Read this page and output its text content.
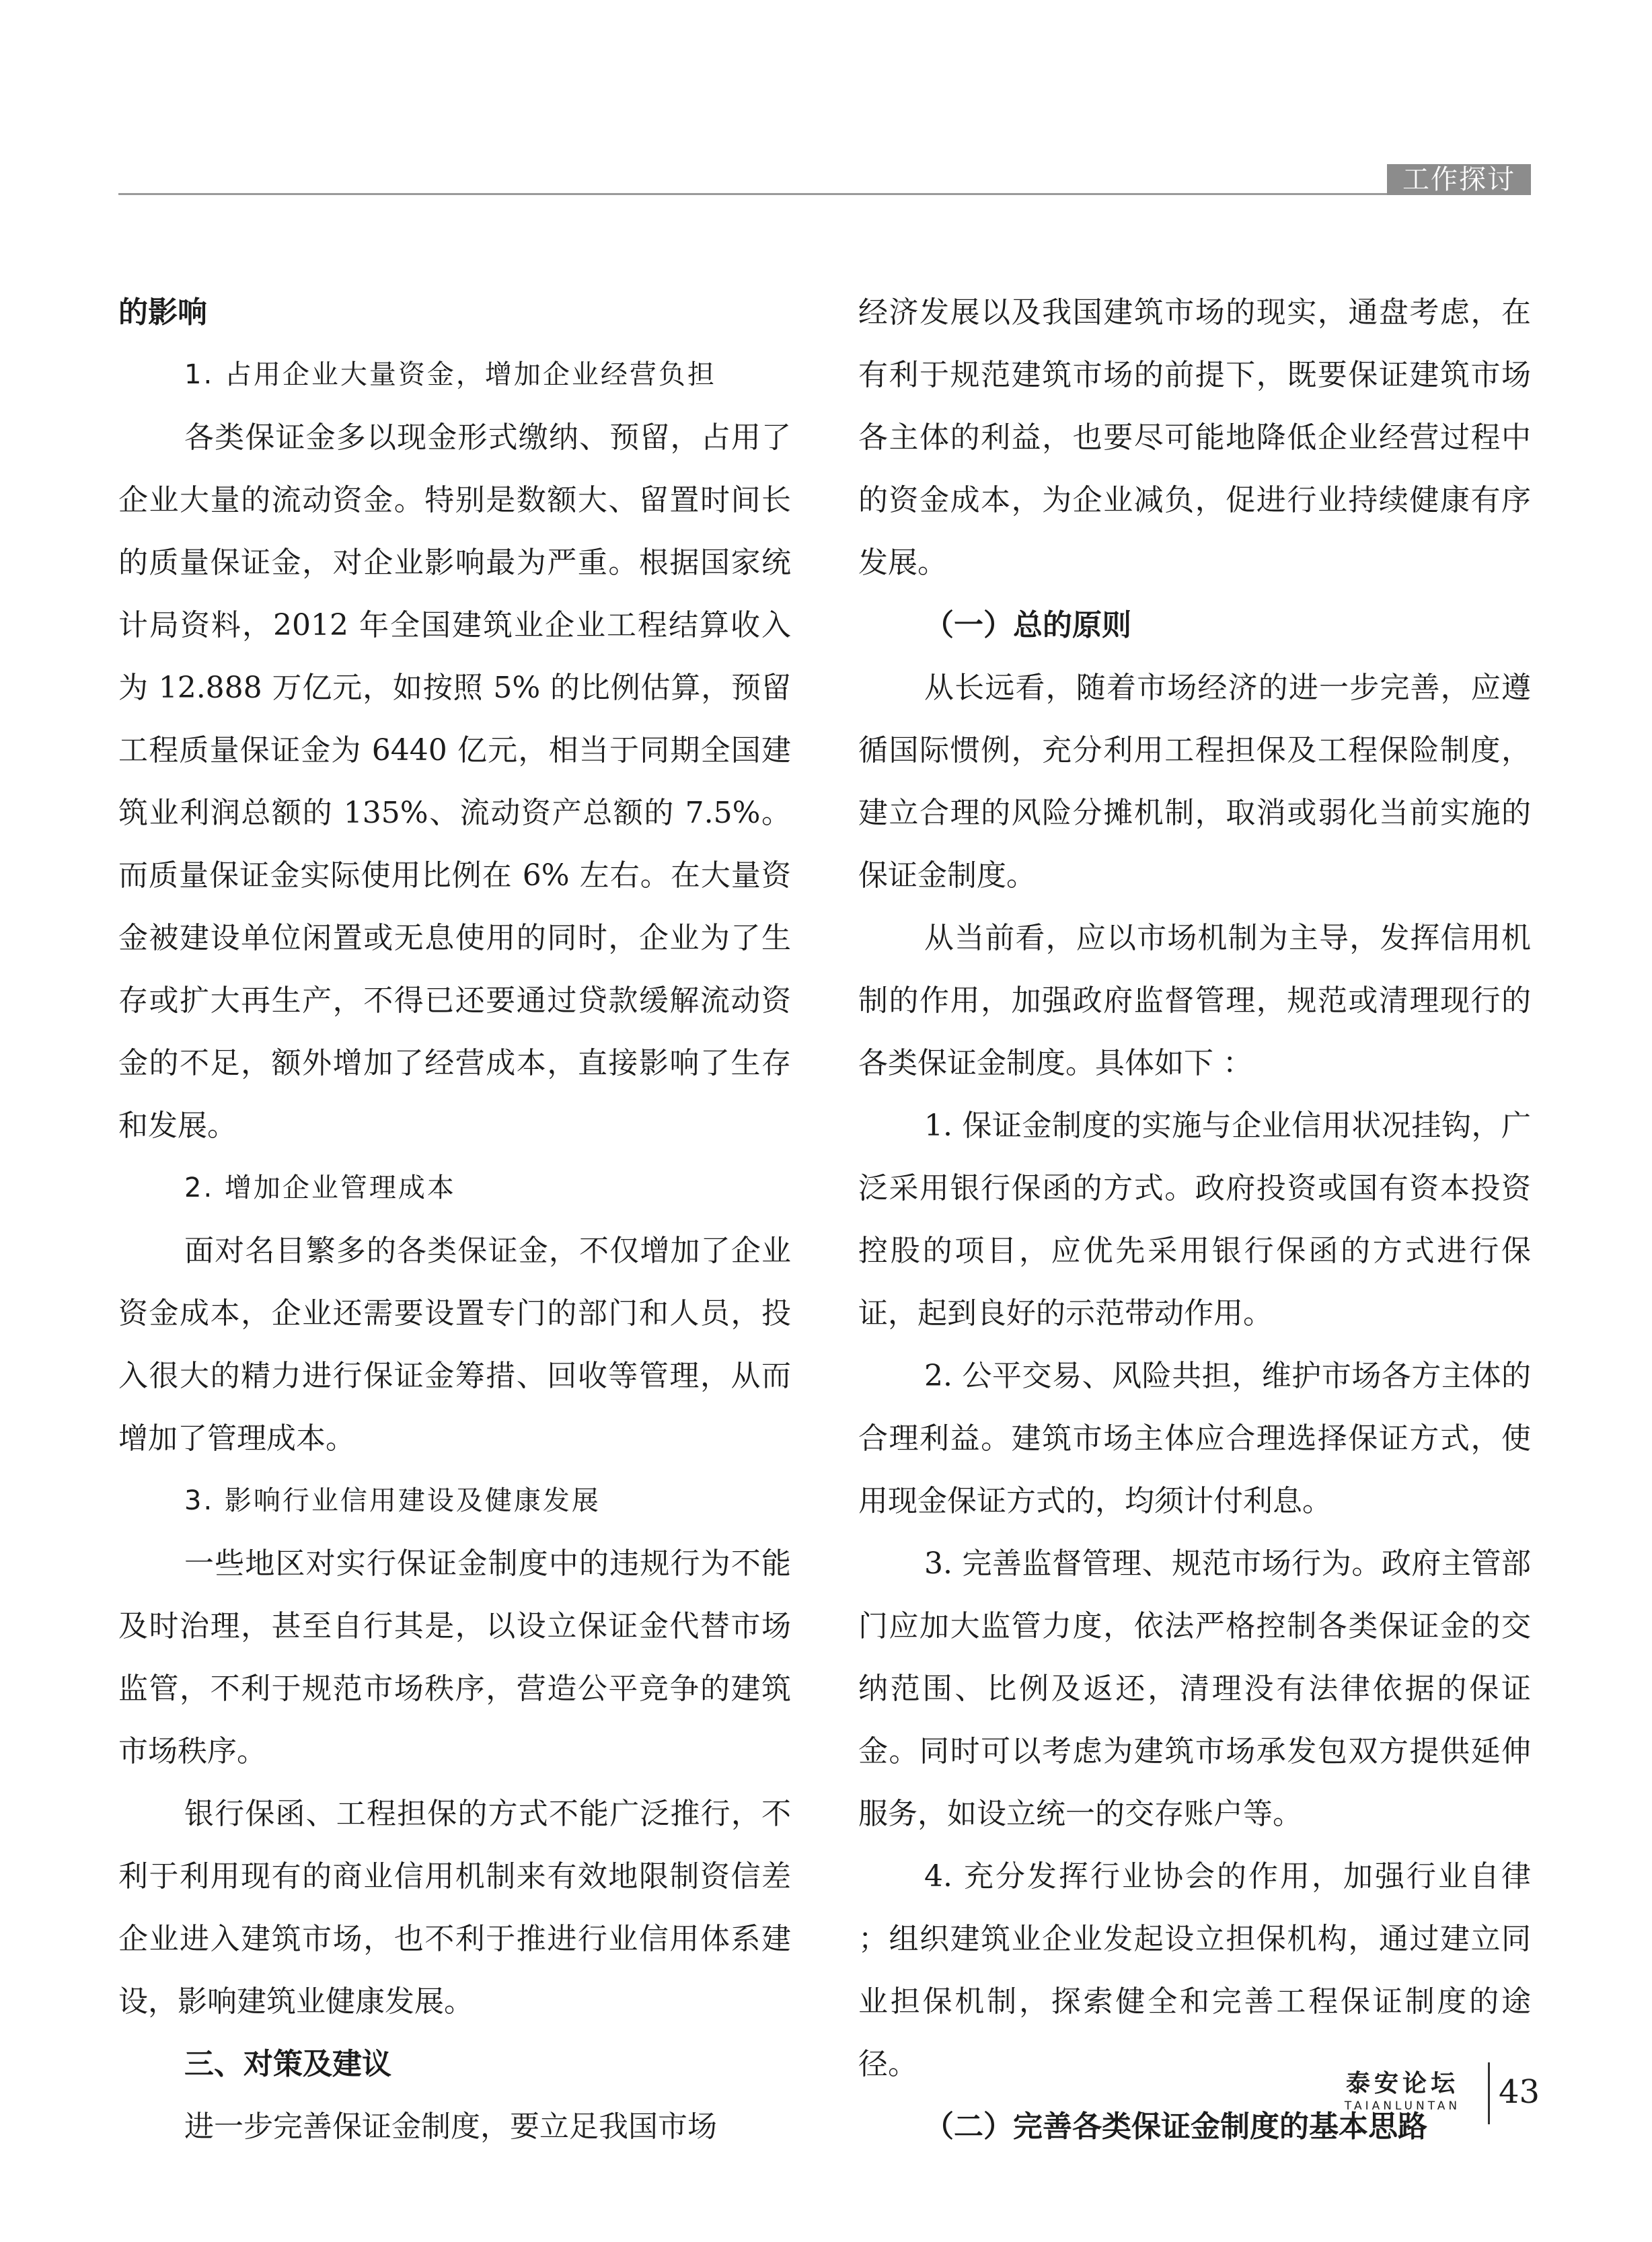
工作探讨

的影响

1. 占用企业大量资金，增加企业经营负担

各类保证金多以现金形式缴纳、预留，占用了企业大量的流动资金。特别是数额大、留置时间长的质量保证金，对企业影响最为严重。根据国家统计局资料，2012 年全国建筑业企业工程结算收入为 12.888 万亿元，如按照 5% 的比例估算，预留工程质量保证金为 6440 亿元，相当于同期全国建筑业利润总额的 135%、流动资产总额的 7.5%。而质量保证金实际使用比例在 6% 左右。在大量资金被建设单位闲置或无息使用的同时，企业为了生存或扩大再生产，不得已还要通过贷款缓解流动资金的不足，额外增加了经营成本，直接影响了生存和发展。

2. 增加企业管理成本

面对名目繁多的各类保证金，不仅增加了企业资金成本，企业还需要设置专门的部门和人员，投入很大的精力进行保证金筹措、回收等管理，从而增加了管理成本。

3. 影响行业信用建设及健康发展

一些地区对实行保证金制度中的违规行为不能及时治理，甚至自行其是，以设立保证金代替市场监管，不利于规范市场秩序，营造公平竞争的建筑市场秩序。

银行保函、工程担保的方式不能广泛推行，不利于利用现有的商业信用机制来有效地限制资信差企业进入建筑市场，也不利于推进行业信用体系建设，影响建筑业健康发展。

三、对策及建议

进一步完善保证金制度，要立足我国市场

经济发展以及我国建筑市场的现实，通盘考虑，在有利于规范建筑市场的前提下，既要保证建筑市场各主体的利益，也要尽可能地降低企业经营过程中的资金成本，为企业减负，促进行业持续健康有序发展。

（一）总的原则

从长远看，随着市场经济的进一步完善，应遵循国际惯例，充分利用工程担保及工程保险制度，建立合理的风险分摊机制，取消或弱化当前实施的保证金制度。

从当前看，应以市场机制为主导，发挥信用机制的作用，加强政府监督管理，规范或清理现行的各类保证金制度。具体如下 ：

1. 保证金制度的实施与企业信用状况挂钩，广泛采用银行保函的方式。政府投资或国有资本投资控股的项目，应优先采用银行保函的方式进行保证，起到良好的示范带动作用。

2. 公平交易、风险共担，维护市场各方主体的合理利益。建筑市场主体应合理选择保证方式，使用现金保证方式的，均须计付利息。

3. 完善监督管理、规范市场行为。政府主管部门应加大监管力度，依法严格控制各类保证金的交纳范围、比例及返还，清理没有法律依据的保证金。同时可以考虑为建筑市场承发包双方提供延伸服务，如设立统一的交存账户等。

4. 充分发挥行业协会的作用，加强行业自律 ；组织建筑业企业发起设立担保机构，通过建立同业担保机制，探索健全和完善工程保证制度的途径。

（二）完善各类保证金制度的基本思路

泰安论坛
TAIANLUNTAN	43
